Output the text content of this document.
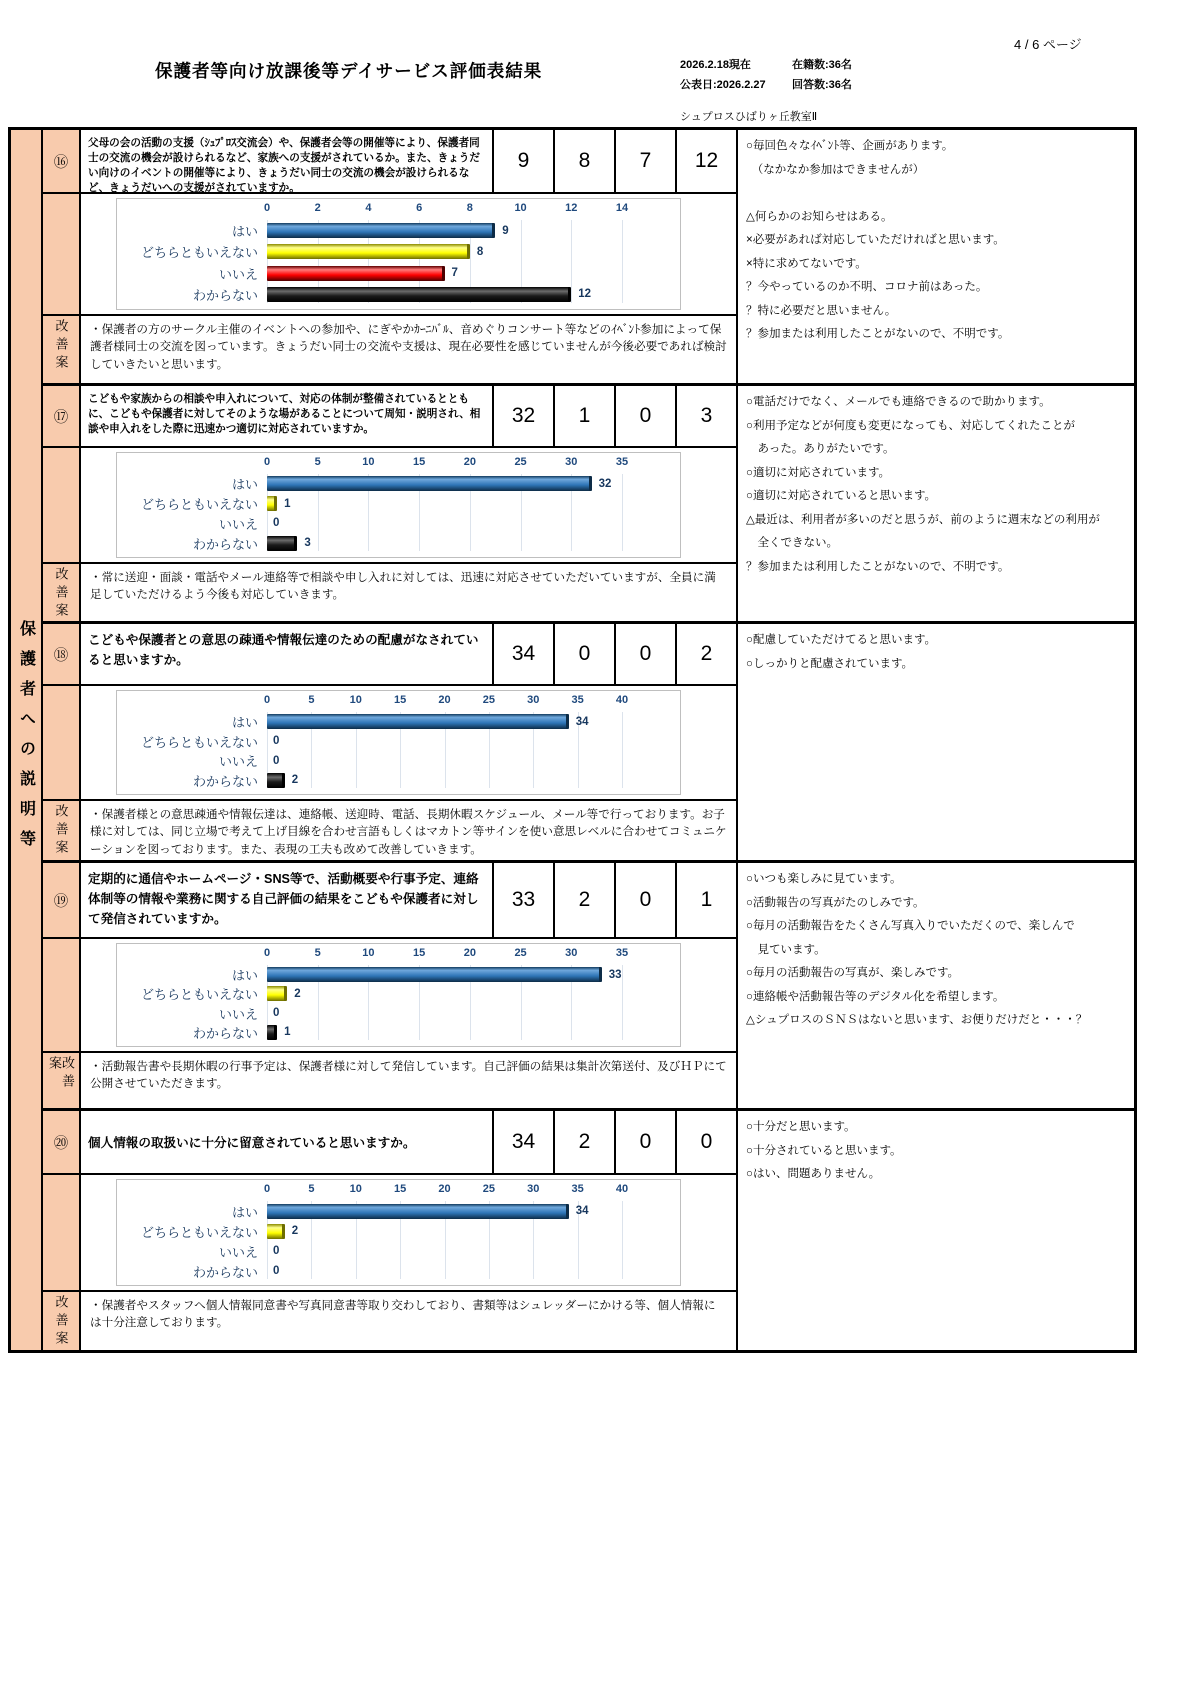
4 / 6 ページ
保護者等向け放課後等デイサービス評価表結果	2026.2.18現在	在籍数:36名
公表日:2026.2.27	回答数:36名
シュプロスひばりヶ丘教室Ⅱ
保護者への説明等
⑯
父母の会の活動の支援（ｼｭﾌﾟﾛｽ交流会）や、保護者会等の開催等により、保護者同士の交流の機会が設けられるなど、家族への支援がされているか。また、きょうだい向けのイベントの開催等により、きょうだい同士の交流の機会が設けられるなど、きょうだいへの支援がされていますか。
9	8	7	12
0	2	4	6	8	10	12	14
はい	9
どちらともいえない	8
いいえ	7
わからない	12
改善案	・保護者の方のサークル主催のイベントへの参加や、にぎやかｶｰﾆﾊﾞﾙ、音めぐりコンサート等などのｲﾍﾞﾝﾄ参加によって保護者様同士の交流を図っています。きょうだい同士の交流や支援は、現在必要性を感じていませんが今後必要であれば検討していきたいと思います。
○毎回色々なｲﾍﾞﾝﾄ等、企画があります。
　（なかなか参加はできませんが）

△何らかのお知らせはある。
×必要があれば対応していただければと思います。
×特に求めてないです。
？今やっているのか不明、コロナ前はあった。
？特に必要だと思いません。
？参加または利用したことがないので、不明です。
⑰
こどもや家族からの相談や申入れについて、対応の体制が整備されているとともに、こどもや保護者に対してそのような場があることについて周知・説明され、相談や申入れをした際に迅速かつ適切に対応されていますか。
32	1	0	3
0	5	10	15	20	25	30	35
はい	32
どちらともいえない	1
いいえ	0
わからない	3
改善案	・常に送迎・面談・電話やメール連絡等で相談や申し入れに対しては、迅速に対応させていただいていますが、全員に満足していただけるよう今後も対応していきます。
○電話だけでなく、メールでも連絡できるので助かります。
○利用予定などが何度も変更になっても、対応してくれたことが
　あった。ありがたいです。
○適切に対応されています。
○適切に対応されていると思います。
△最近は、利用者が多いのだと思うが、前のように週末などの利用が
　全くできない。
？参加または利用したことがないので、不明です。
⑱
こどもや保護者との意思の疎通や情報伝達のための配慮がなされていると思いますか。	34	0	0	2
0	5	10	15	20	25	30	35	40
はい	34
どちらともいえない	0
いいえ	0
わからない	2
改善案	・保護者様との意思疎通や情報伝達は、連絡帳、送迎時、電話、長期休暇スケジュール、メール等で行っております。お子様に対しては、同じ立場で考えて上げ目線を合わせ言語もしくはマカトン等サインを使い意思レベルに合わせてコミュニケーションを図っております。また、表現の工夫も改めて改善していきます。
○配慮していただけてると思います。
○しっかりと配慮されています。
⑲
定期的に通信やホームページ・SNS等で、活動概要や行事予定、連絡体制等の情報や業務に関する自己評価の結果をこどもや保護者に対して発信されていますか。
33	2	0	1
0	5	10	15	20	25	30	35
はい	33
どちらともいえない	2
いいえ	0
わからない	1
改善案	・活動報告書や長期休暇の行事予定は、保護者様に対して発信しています。自己評価の結果は集計次第送付、及びＨＰにて公開させていただきます。
○いつも楽しみに見ています。
○活動報告の写真がたのしみです。
○毎月の活動報告をたくさん写真入りでいただくので、楽しんで
　見ています。
○毎月の活動報告の写真が、楽しみです。
○連絡帳や活動報告等のデジタル化を希望します。
△シュプロスのＳＮＳはないと思います、お便りだけだと・・・？
⑳	個人情報の取扱いに十分に留意されていると思いますか。	34	2	0	0
0	5	10	15	20	25	30	35	40
はい	34
どちらともいえない	2
いいえ	0
わからない	0
改善案	・保護者やスタッフへ個人情報同意書や写真同意書等取り交わしており、書類等はシュレッダーにかける等、個人情報には十分注意しております。
○十分だと思います。
○十分されていると思います。
○はい、問題ありません。
